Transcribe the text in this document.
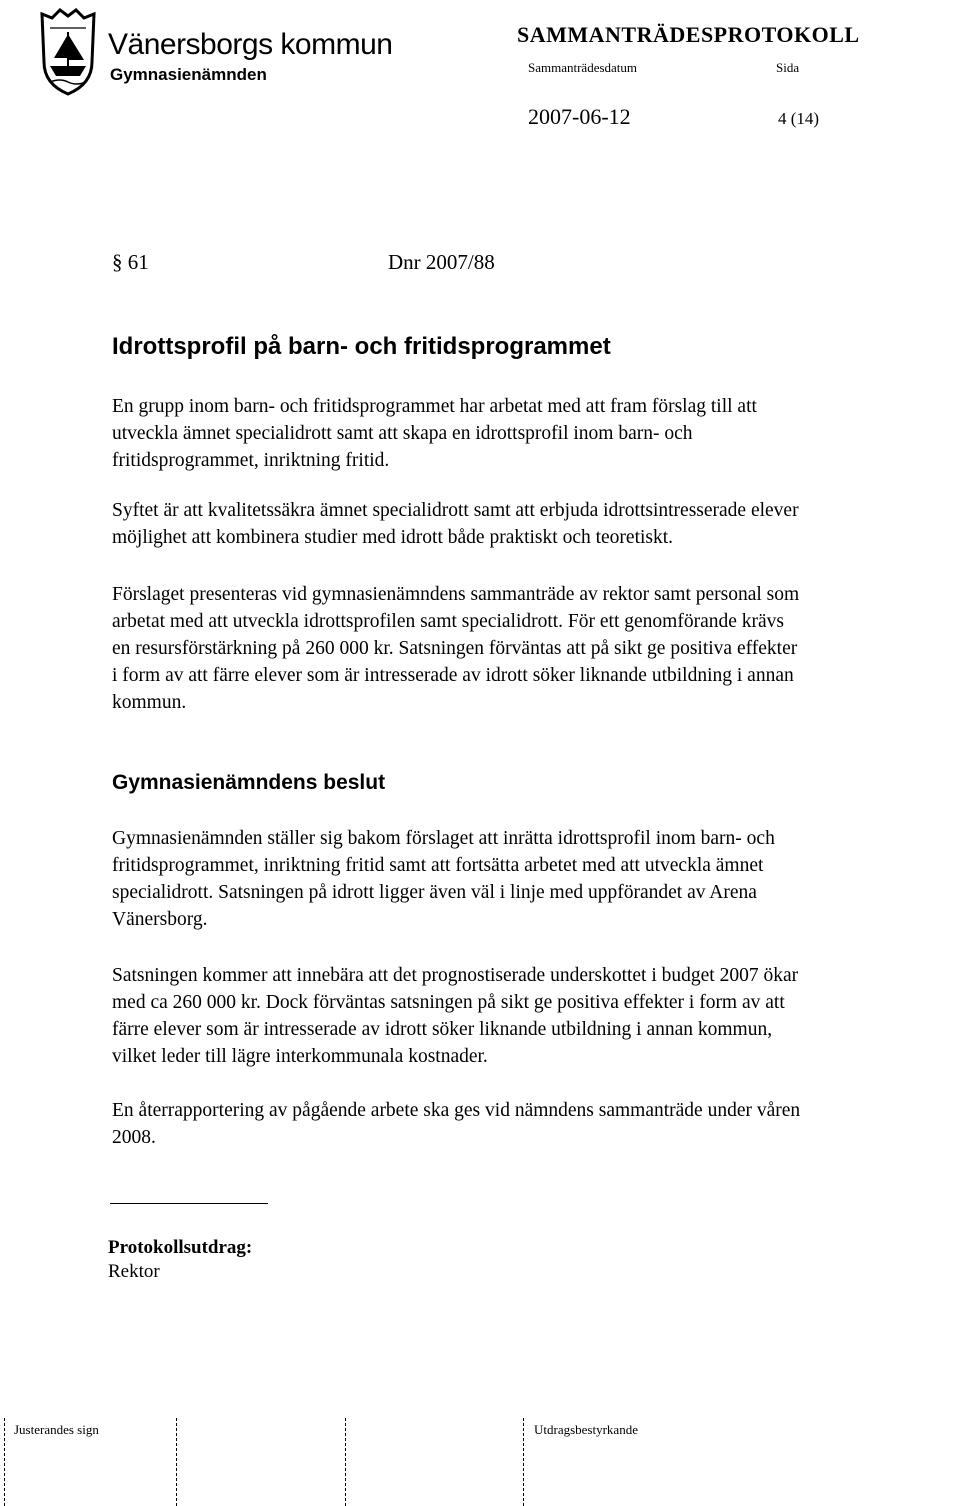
Vänersborgs kommun
Gymnasienämnden
SAMMANTRÄDESPROTOKOLL
Sammanträdesdatum	Sida
2007-06-12	4 (14)
§ 61	Dnr 2007/88
Idrottsprofil på barn- och fritidsprogrammet
En grupp inom barn- och fritidsprogrammet har arbetat med att fram förslag till att
utveckla ämnet specialidrott samt att skapa en idrottsprofil inom barn- och
fritidsprogrammet, inriktning fritid.
Syftet är att kvalitetssäkra ämnet specialidrott samt att erbjuda idrottsintresserade elever
möjlighet att kombinera studier med idrott både praktiskt och teoretiskt.
Förslaget presenteras vid gymnasienämndens sammanträde av rektor samt personal som
arbetat med att utveckla idrottsprofilen samt specialidrott. För ett genomförande krävs
en resursförstärkning på 260 000 kr. Satsningen förväntas att på sikt ge positiva effekter
i form av att färre elever som är intresserade av idrott söker liknande utbildning i annan
kommun.
Gymnasienämndens beslut
Gymnasienämnden ställer sig bakom förslaget att inrätta idrottsprofil inom barn- och
fritidsprogrammet, inriktning fritid samt att fortsätta arbetet med att utveckla ämnet
specialidrott. Satsningen på idrott ligger även väl i linje med uppförandet av Arena
Vänersborg.
Satsningen kommer att innebära att det prognostiserade underskottet i budget 2007 ökar
med ca 260 000 kr. Dock förväntas satsningen på sikt ge positiva effekter i form av att
färre elever som är intresserade av idrott söker liknande utbildning i annan kommun,
vilket leder till lägre interkommunala kostnader.
En återrapportering av pågående arbete ska ges vid nämndens sammanträde under våren
2008.
Protokollsutdrag:
Rektor
Justerandes sign	Utdragsbestyrkande
